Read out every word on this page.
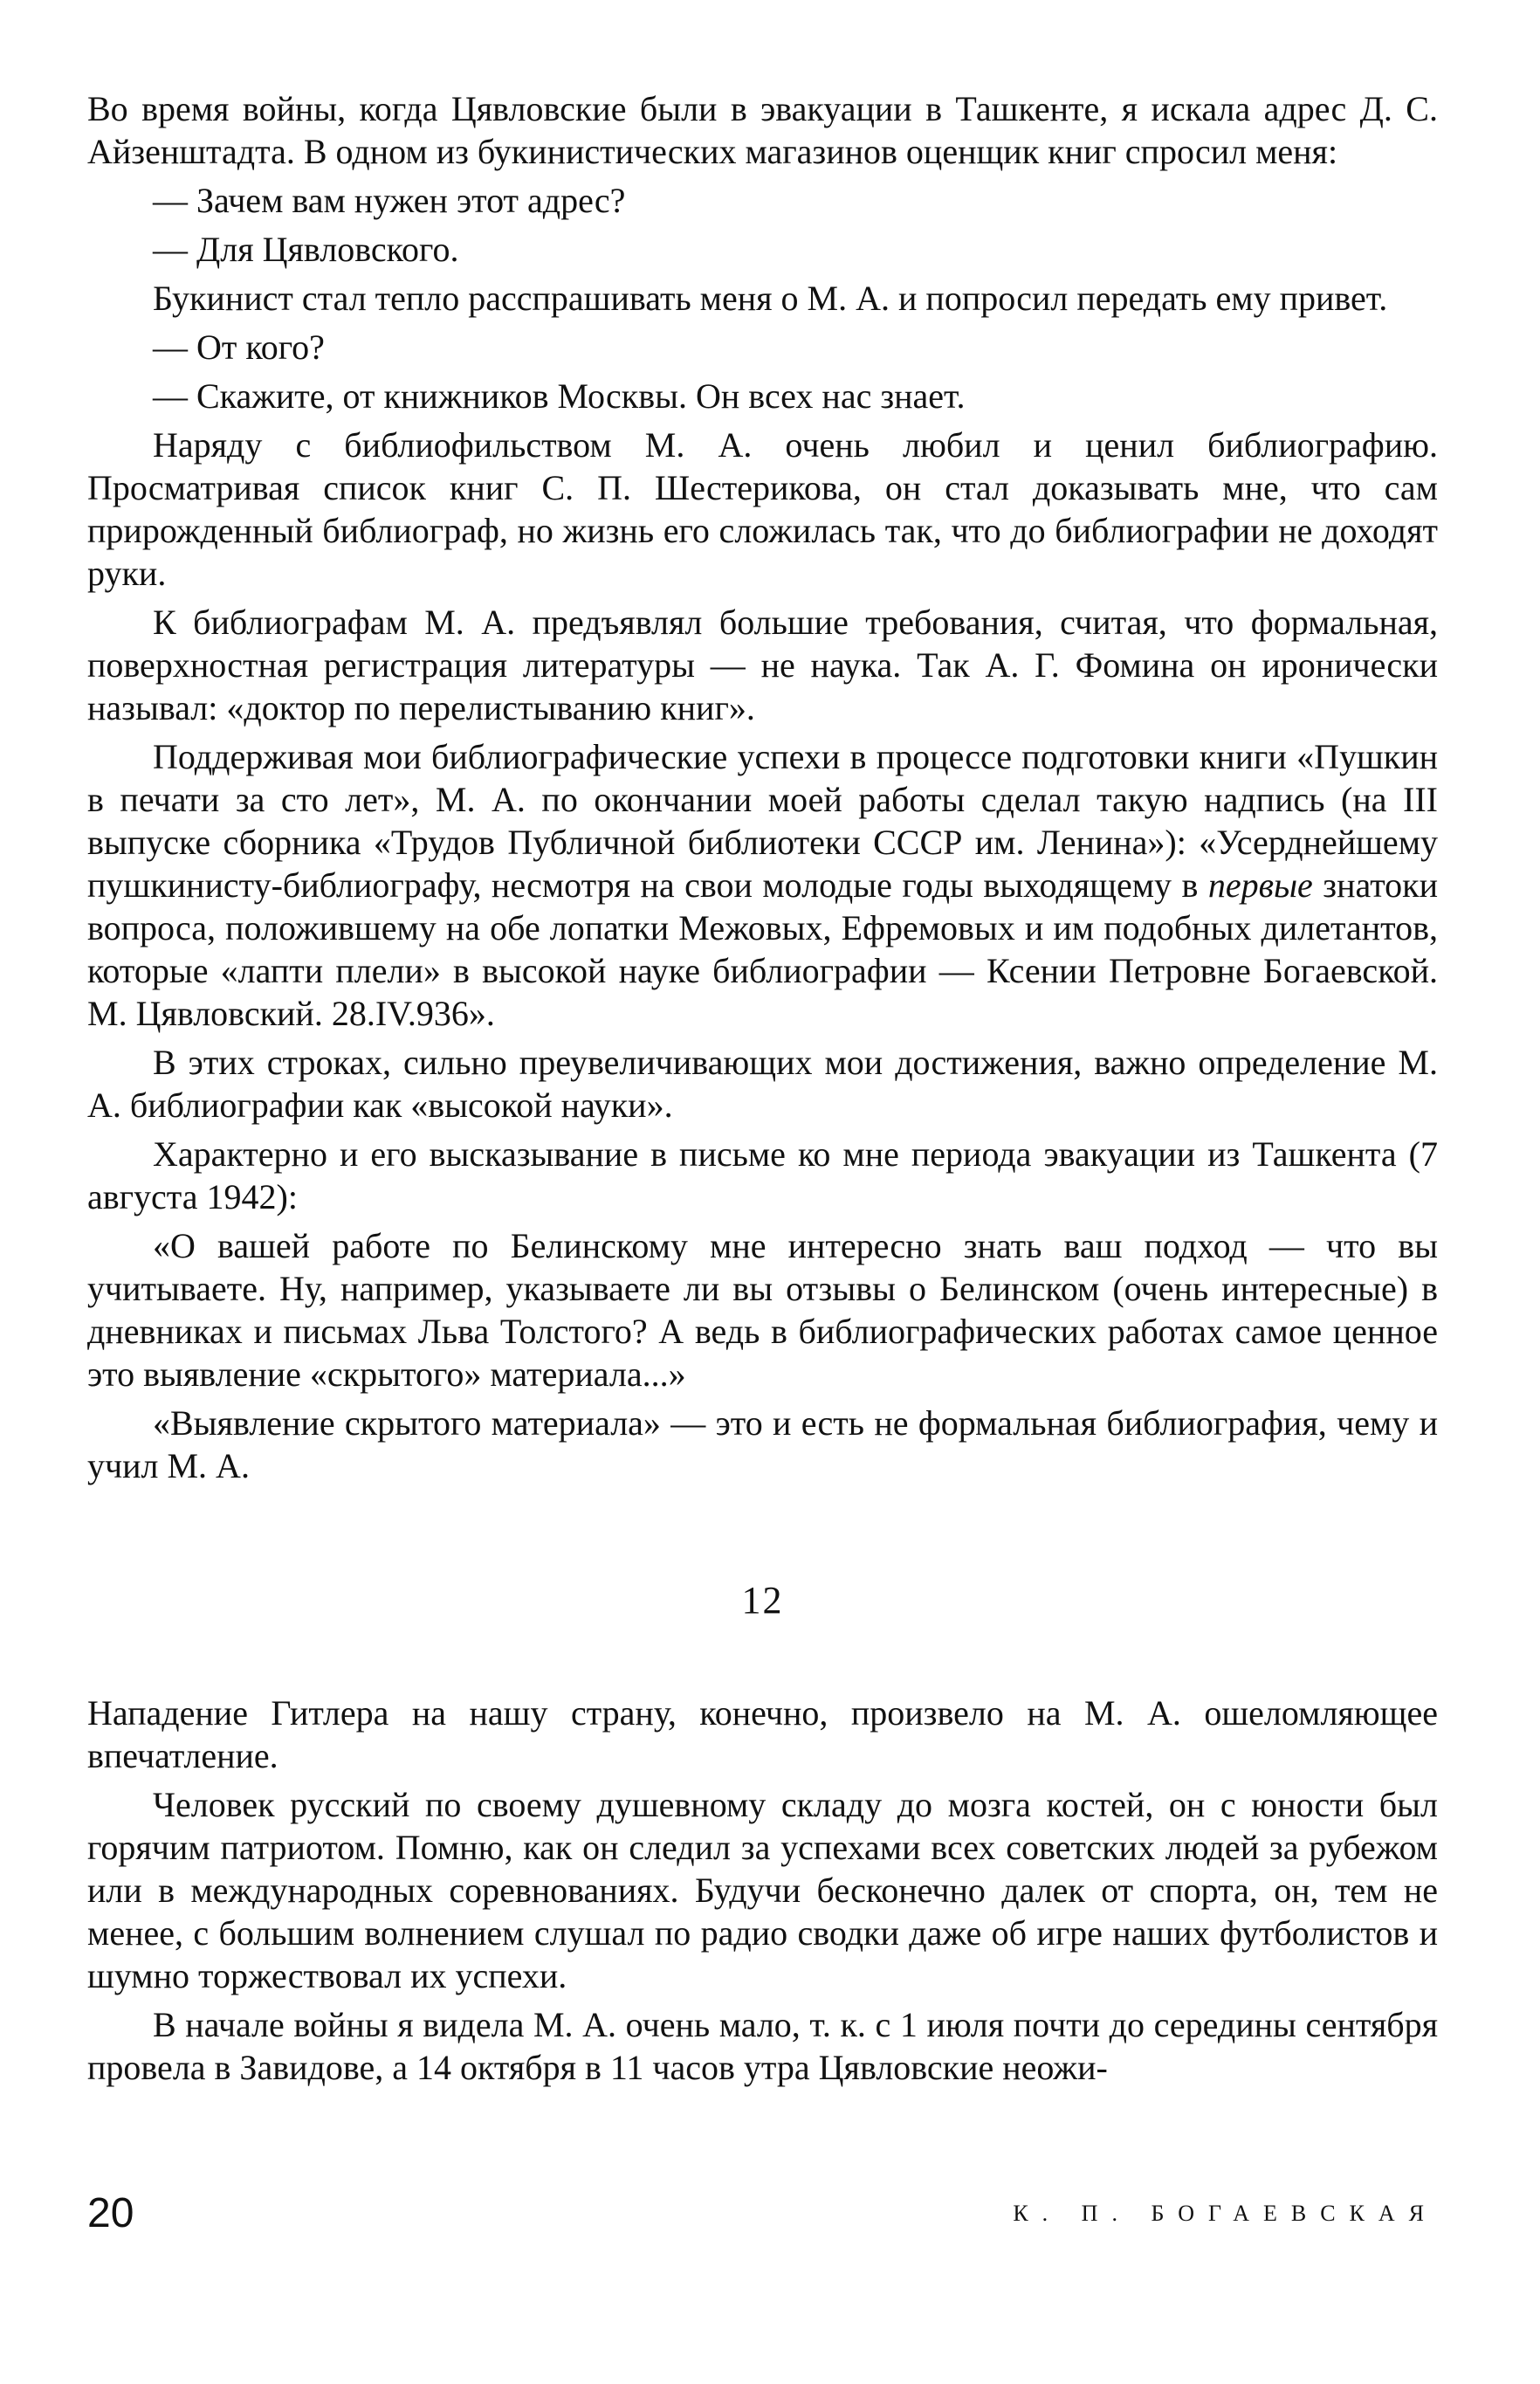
Во время войны, когда Цявловские были в эвакуации в Ташкенте, я искала адрес Д. С. Айзенштадта. В одном из букинистических магазинов оценщик книг спросил меня:

— Зачем вам нужен этот адрес?

— Для Цявловского.

Букинист стал тепло расспрашивать меня о М. А. и попросил передать ему привет.

— От кого?

— Скажите, от книжников Москвы. Он всех нас знает.

Наряду с библиофильством М. А. очень любил и ценил библиографию. Просматривая список книг С. П. Шестерикова, он стал доказывать мне, что сам прирожденный библиограф, но жизнь его сложилась так, что до библиографии не доходят руки.

К библиографам М. А. предъявлял большие требования, считая, что формальная, поверхностная регистрация литературы — не наука. Так А. Г. Фомина он иронически называл: «доктор по перелистыванию книг».

Поддерживая мои библиографические успехи в процессе подготовки книги «Пушкин в печати за сто лет», М. А. по окончании моей работы сделал такую надпись (на III выпуске сборника «Трудов Публичной библиотеки СССР им. Ленина»): «Усерднейшему пушкинисту-библиографу, несмотря на свои молодые годы выходящему в первые знатоки вопроса, положившему на обе лопатки Межовых, Ефремовых и им подобных дилетантов, которые «лапти плели» в высокой науке библиографии — Ксении Петровне Богаевской. М. Цявловский. 28.IV.936».

В этих строках, сильно преувеличивающих мои достижения, важно определение М. А. библиографии как «высокой науки».

Характерно и его высказывание в письме ко мне периода эвакуации из Ташкента (7 августа 1942):

«О вашей работе по Белинскому мне интересно знать ваш подход — что вы учитываете. Ну, например, указываете ли вы отзывы о Белинском (очень интересные) в дневниках и письмах Льва Толстого? А ведь в библиографических работах самое ценное это выявление «скрытого» материала...»

«Выявление скрытого материала» — это и есть не формальная библиография, чему и учил М. А.

12

Нападение Гитлера на нашу страну, конечно, произвело на М. А. ошеломляющее впечатление.

Человек русский по своему душевному складу до мозга костей, он с юности был горячим патриотом. Помню, как он следил за успехами всех советских людей за рубежом или в международных соревнованиях. Будучи бесконечно далек от спорта, он, тем не менее, с большим волнением слушал по радио сводки даже об игре наших футболистов и шумно торжествовал их успехи.

В начале войны я видела М. А. очень мало, т. к. с 1 июля почти до середины сентября провела в Завидове, а 14 октября в 11 часов утра Цявловские неожи-

20	К. П. БОГАЕВСКАЯ
